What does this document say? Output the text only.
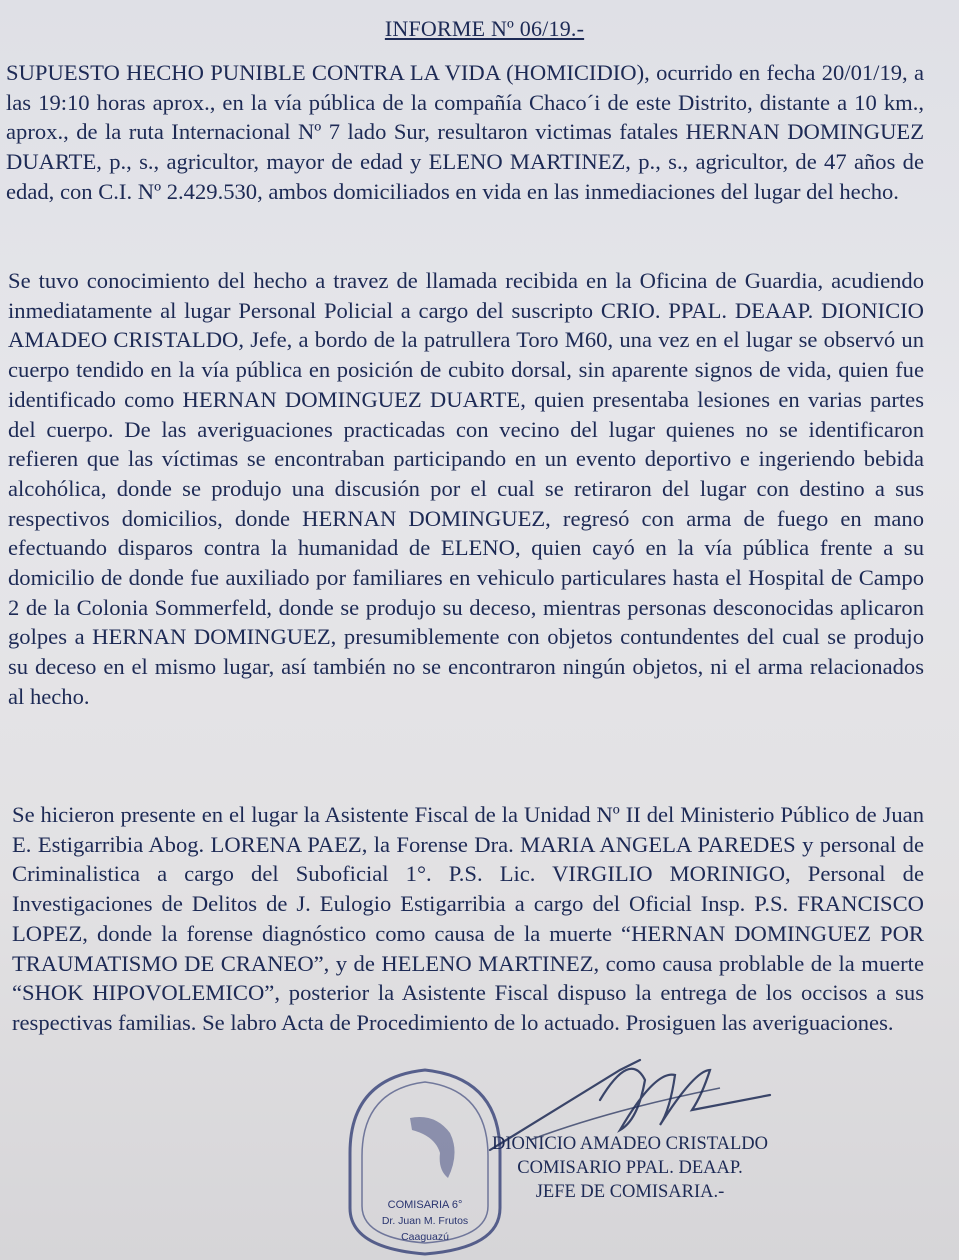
INFORME Nº 06/19.-

SUPUESTO HECHO PUNIBLE CONTRA LA VIDA (HOMICIDIO), ocurrido en fecha 20/01/19, a las 19:10 horas aprox., en la vía pública de la compañía Chaco´i de este Distrito, distante a 10 km., aprox., de la ruta Internacional Nº 7 lado Sur, resultaron victimas fatales HERNAN DOMINGUEZ DUARTE, p., s., agricultor, mayor de edad y ELENO MARTINEZ, p., s., agricultor, de 47 años de edad, con C.I. Nº 2.429.530, ambos domiciliados en vida en las inmediaciones del lugar del hecho.

Se tuvo conocimiento del hecho a travez de llamada recibida en la Oficina de Guardia, acudiendo inmediatamente al lugar Personal Policial a cargo del suscripto CRIO. PPAL. DEAAP. DIONICIO AMADEO CRISTALDO, Jefe, a bordo de la patrullera Toro M60, una vez en el lugar se observó un cuerpo tendido en la vía pública en posición de cubito dorsal, sin aparente signos de vida, quien fue identificado como HERNAN DOMINGUEZ DUARTE, quien presentaba lesiones en varias partes del cuerpo. De las averiguaciones practicadas con vecino del lugar quienes no se identificaron refieren que las víctimas se encontraban participando en un evento deportivo e ingeriendo bebida alcohólica, donde se produjo una discusión por el cual se retiraron del lugar con destino a sus respectivos domicilios, donde HERNAN DOMINGUEZ, regresó con arma de fuego en mano efectuando disparos contra la humanidad de ELENO, quien cayó en la vía pública frente a su domicilio de donde fue auxiliado por familiares en vehiculo particulares hasta el Hospital de Campo 2 de la Colonia Sommerfeld, donde se produjo su deceso, mientras personas desconocidas aplicaron golpes a HERNAN DOMINGUEZ, presumiblemente con objetos contundentes del cual se produjo su deceso en el mismo lugar, así también no se encontraron ningún objetos, ni el arma relacionados al hecho.

Se hicieron presente en el lugar la Asistente Fiscal de la Unidad Nº II del Ministerio Público de Juan E. Estigarribia Abog. LORENA PAEZ, la Forense Dra. MARIA ANGELA PAREDES y personal de Criminalistica a cargo del Suboficial 1°. P.S. Lic. VIRGILIO MORINIGO, Personal de Investigaciones de Delitos de J. Eulogio Estigarribia a cargo del Oficial Insp. P.S. FRANCISCO LOPEZ, donde la forense diagnóstico como causa de la muerte “HERNAN DOMINGUEZ POR TRAUMATISMO DE CRANEO”, y de HELENO MARTINEZ, como causa problable de la muerte “SHOK HIPOVOLEMICO”, posterior la Asistente Fiscal dispuso la entrega de los occisos a sus respectivas familias. Se labro Acta de Procedimiento de lo actuado. Prosiguen las averiguaciones.

COMISARIA 6°
Dr. Juan M. Frutos
Caaguazú
DIONICIO AMADEO CRISTALDO
COMISARIO PPAL. DEAAP.
JEFE DE COMISARIA.-
